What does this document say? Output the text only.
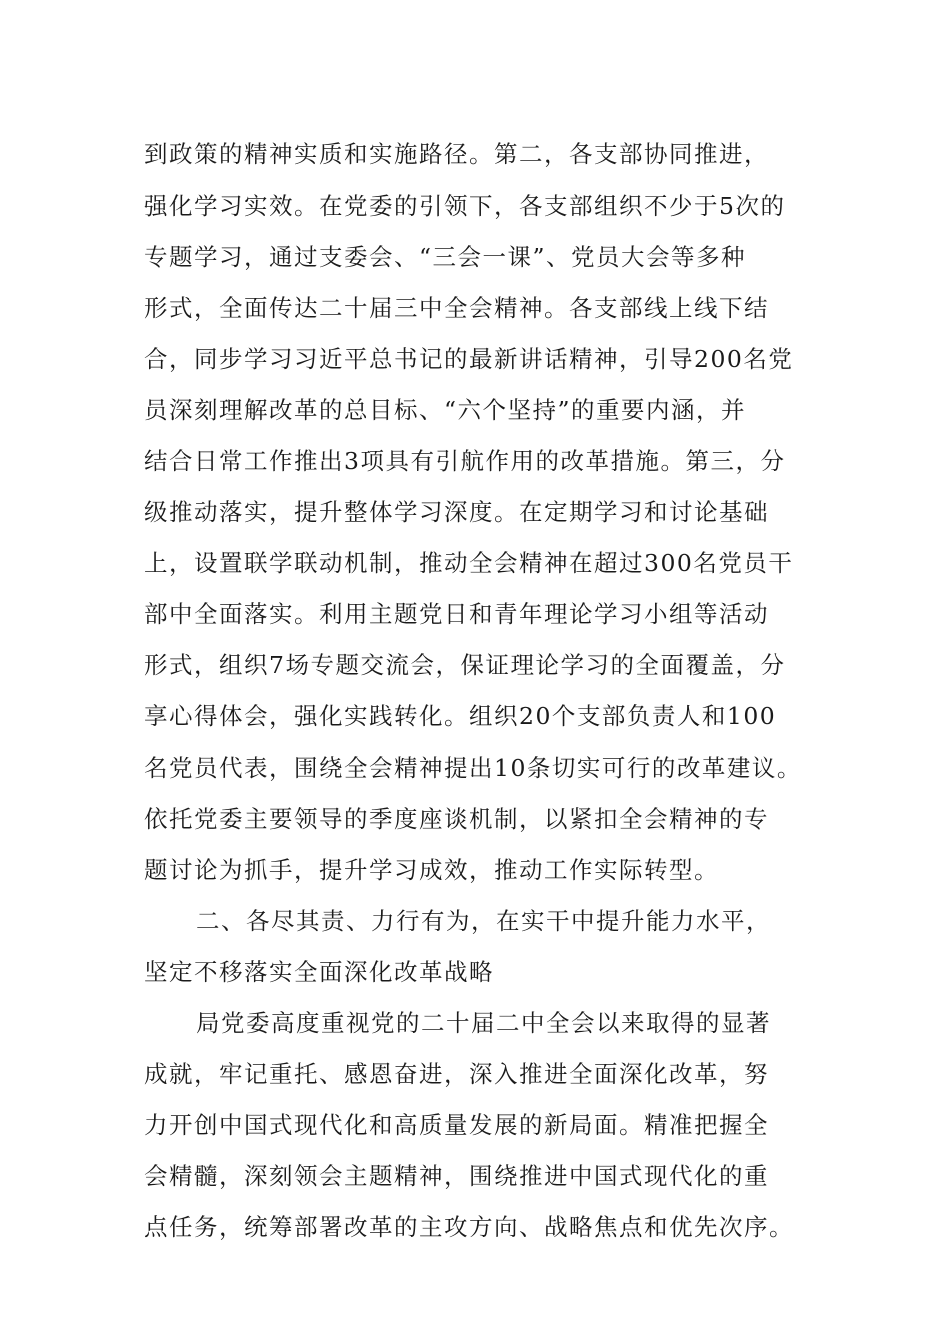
到政策的精神实质和实施路径。第二，各支部协同推进，
强化学习实效。在党委的引领下，各支部组织不少于5次的
专题学习，通过支委会、“三会一课”、党员大会等多种
形式，全面传达二十届三中全会精神。各支部线上线下结
合，同步学习习近平总书记的最新讲话精神，引导200名党
员深刻理解改革的总目标、“六个坚持”的重要内涵，并
结合日常工作推出3项具有引航作用的改革措施。第三，分
级推动落实，提升整体学习深度。在定期学习和讨论基础
上，设置联学联动机制，推动全会精神在超过300名党员干
部中全面落实。利用主题党日和青年理论学习小组等活动
形式，组织7场专题交流会，保证理论学习的全面覆盖，分
享心得体会，强化实践转化。组织20个支部负责人和100
名党员代表，围绕全会精神提出10条切实可行的改革建议。
依托党委主要领导的季度座谈机制，以紧扣全会精神的专
题讨论为抓手，提升学习成效，推动工作实际转型。
二、各尽其责、力行有为，在实干中提升能力水平，
坚定不移落实全面深化改革战略
局党委高度重视党的二十届二中全会以来取得的显著
成就，牢记重托、感恩奋进，深入推进全面深化改革，努
力开创中国式现代化和高质量发展的新局面。精准把握全
会精髓，深刻领会主题精神，围绕推进中国式现代化的重
点任务，统筹部署改革的主攻方向、战略焦点和优先次序。
